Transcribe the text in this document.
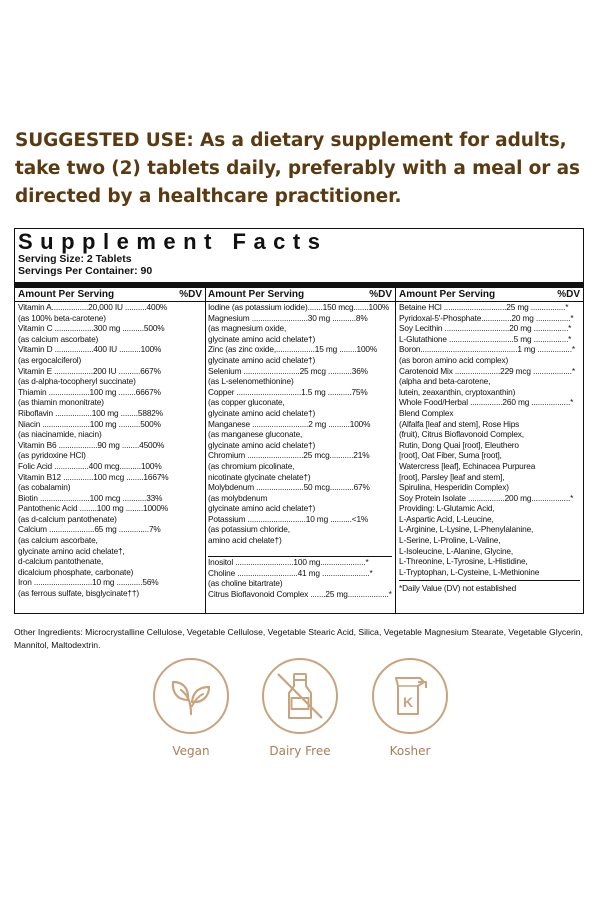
SUGGESTED USE: As a dietary supplement for adults, take two (2) tablets daily, preferably with a meal or as directed by a healthcare practitioner.
Supplement Facts
Serving Size: 2 Tablets
Servings Per Container: 90
Amount Per Serving	%DV
Vitamin A.................20,000 IU ..........400%
(as 100% beta-carotene)
Vitamin C ..................300 mg ..........500%
(as calcium ascorbate)
Vitamin D ..................400 IU ..........100%
(as ergocalciferol)
Vitamin E ..................200 IU ..........667%
(as d-alpha-tocopheryl succinate)
Thiamin ...................100 mg ........6667%
(as thiamin mononitrate)
Riboflavin .................100 mg ........5882%
Niacin ......................100 mg ..........500%
(as niacinamide, niacin)
Vitamin B6 ..................90 mg ........4500%
(as pyridoxine HCl)
Folic Acid ................400 mcg..........100%
Vitamin B12 ..............100 mcg ........1667%
(as cobalamin)
Biotin .......................100 mcg ...........33%
Pantothenic Acid ........100 mg ........1000%
(as d-calcium pantothenate)
Calcium .....................65 mg ..............7%
(as calcium ascorbate,
glycinate amino acid chelate†,
d-calcium pantothenate,
dicalcium phosphate, carbonate)
Iron ...........................10 mg ............56%
(as ferrous sulfate, bisglycinate††)
Amount Per Serving	%DV
Iodine (as potassium iodide).......150 mcg.......100%
Magnesium ..........................30 mg ...........8%
(as magnesium oxide,
glycinate amino acid chelate†)
Zinc (as zinc oxide,..................15 mg ........100%
glycinate amino acid chelate†)
Selenium ..........................25 mcg ...........36%
(as L-selenomethionine)
Copper ..............................1.5 mg ...........75%
(as copper gluconate,
glycinate amino acid chelate†)
Manganese ..........................2 mg ..........100%
(as manganese gluconate,
glycinate amino acid chelate†)
Chromium ..........................25 mcg...........21%
(as chromium picolinate,
nicotinate glycinate chelate†)
Molybdenum ......................50 mcg...........67%
(as molybdenum
glycinate amino acid chelate†)
Potassium ...........................10 mg ..........<1%
(as potassium chloride,
amino acid chelate†)
Inositol ...........................100 mg.....................*
Choline ............................41 mg ......................*
(as choline bitartrate)
Citrus Bioflavonoid Complex .......25 mg...................*
Amount Per Serving	%DV
Betaine HCl .............................25 mg ................*
Pyridoxal-5'-Phosphate..............20 mg ................*
Soy Lecithin ..............................20 mg ................*
L-Glutathione ..............................5 mg ................*
Boron.............................................1 mg ................*
(as boron amino acid complex)
Carotenoid Mix .....................229 mcg ..................*
(alpha and beta-carotene,
lutein, zeaxanthin, cryptoxanthin)
Whole Food/Herbal ...............260 mg ..................*
Blend Complex
(Alfalfa [leaf and stem], Rose Hips
(fruit), Citrus Bioflavonoid Complex,
Rutin, Dong Quai [root], Eleuthero
[root], Oat Fiber, Suma [root],
Watercress [leaf], Echinacea Purpurea
[root], Parsley [leaf and stem],
Spirulina, Hesperidin Complex)
Soy Protein Isolate .................200 mg..................*
Providing: L-Glutamic Acid,
L-Aspartic Acid, L-Leucine,
L-Arginine, L-Lysine, L-Phenylalanine,
L-Serine, L-Proline, L-Valine,
L-Isoleucine, L-Alanine, Glycine,
L-Threonine, L-Tyrosine, L-Histidine,
L-Tryptophan, L-Cysteine, L-Methionine
*Daily Value (DV) not established
Other Ingredients: Microcrystalline Cellulose, Vegetable Cellulose, Vegetable Stearic Acid, Silica, Vegetable Magnesium Stearate, Vegetable Glycerin, Mannitol, Maltodextrin.
Vegan	Dairy Free
K
Kosher
